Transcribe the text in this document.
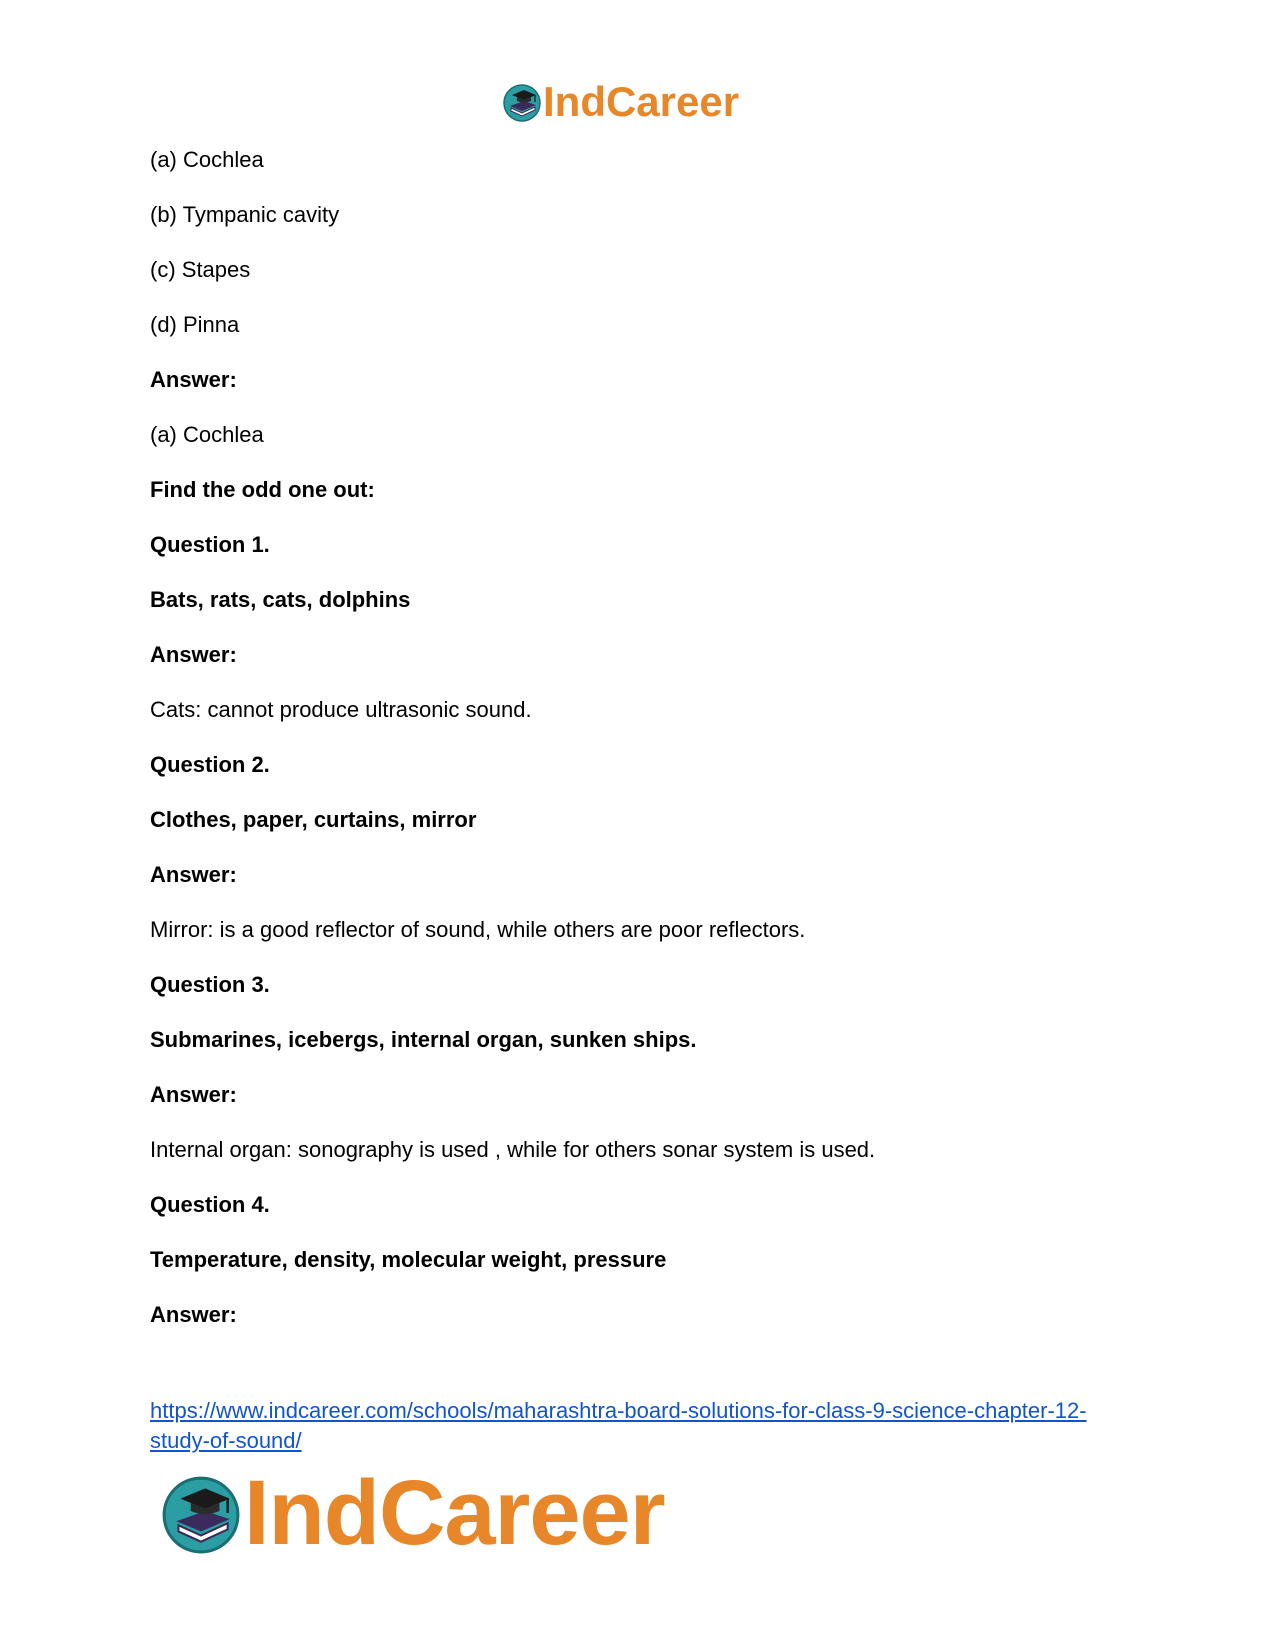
IndCareer
(a) Cochlea
(b) Tympanic cavity
(c) Stapes
(d) Pinna
Answer:
(a) Cochlea
Find the odd one out:
Question 1.
Bats, rats, cats, dolphins
Answer:
Cats: cannot produce ultrasonic sound.
Question 2.
Clothes, paper, curtains, mirror
Answer:
Mirror: is a good reflector of sound, while others are poor reflectors.
Question 3.
Submarines, icebergs, internal organ, sunken ships.
Answer:
Internal organ: sonography is used , while for others sonar system is used.
Question 4.
Temperature, density, molecular weight, pressure
Answer:
https://www.indcareer.com/schools/maharashtra-board-solutions-for-class-9-science-chapter-12-
study-of-sound/
IndCareer
